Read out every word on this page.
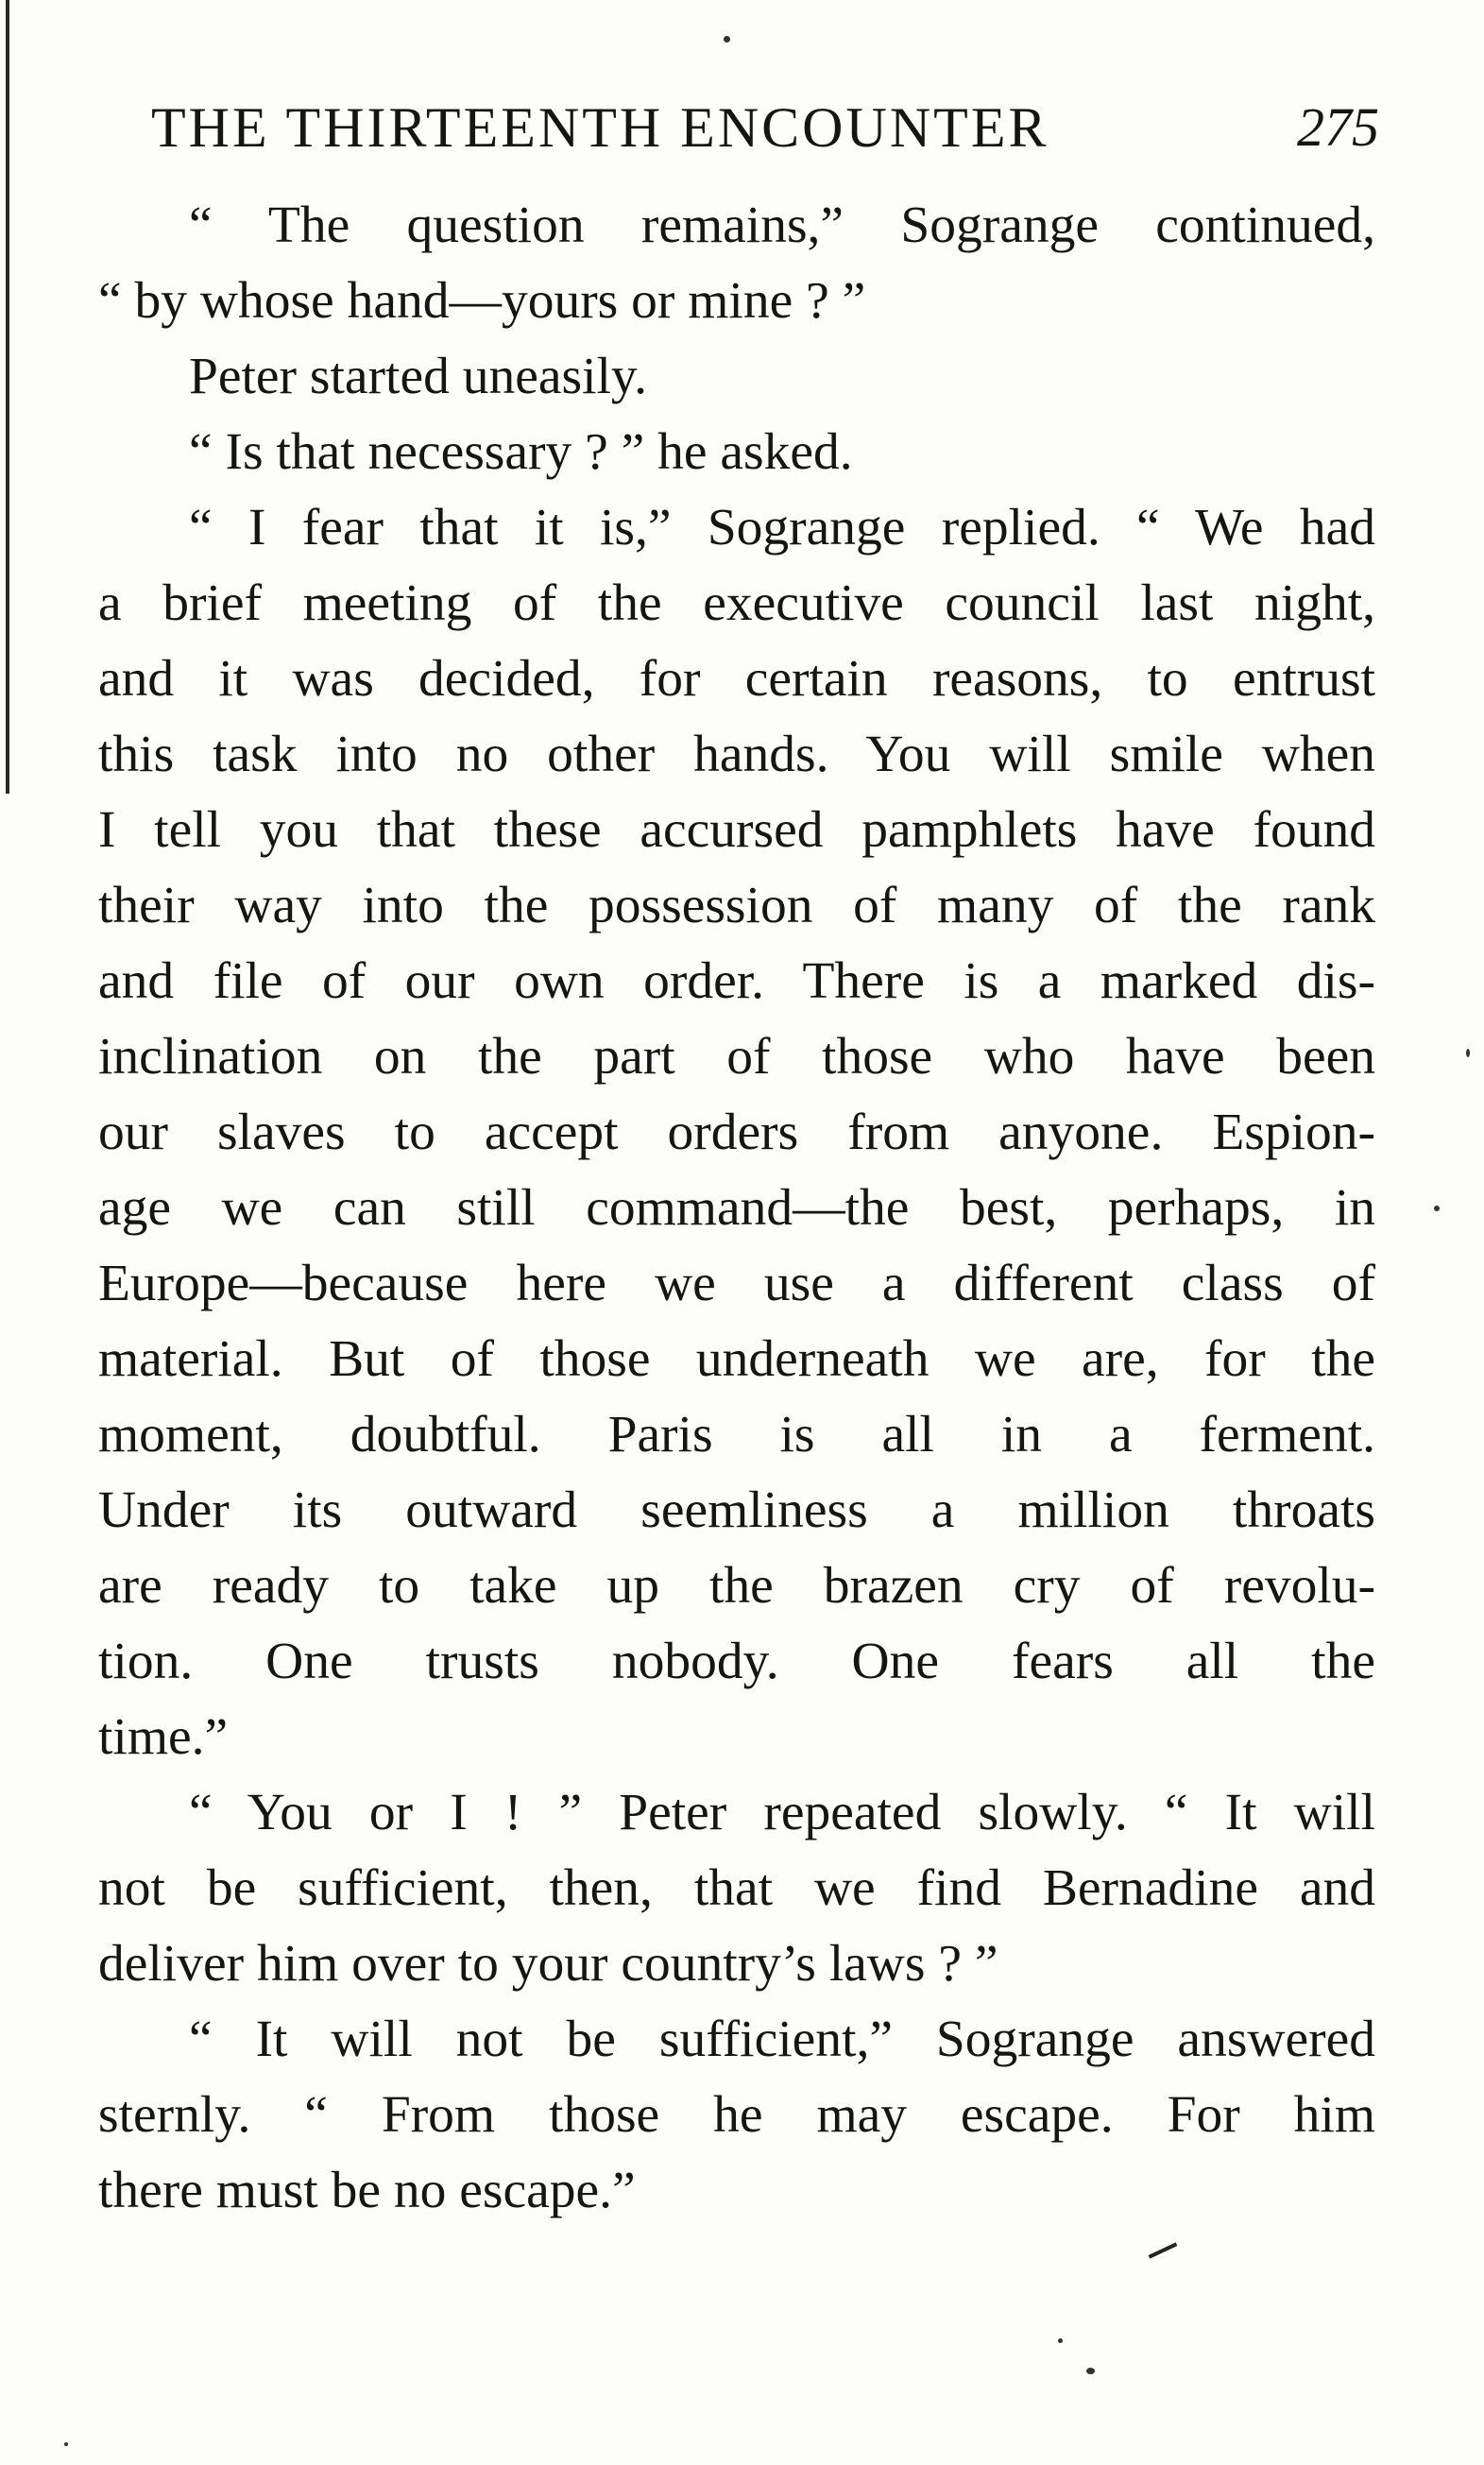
THE THIRTEENTH ENCOUNTER	275
“ The question remains,” Sogrange continued,
“ by whose hand—yours or mine ? ”
Peter started uneasily.
“ Is that necessary ? ” he asked.
“ I fear that it is,” Sogrange replied. “ We had
a brief meeting of the executive council last night,
and it was decided, for certain reasons, to entrust
this task into no other hands. You will smile when
I tell you that these accursed pamphlets have found
their way into the possession of many of the rank
and file of our own order. There is a marked dis-
inclination on the part of those who have been
our slaves to accept orders from anyone. Espion-
age we can still command—the best, perhaps, in
Europe—because here we use a different class of
material. But of those underneath we are, for the
moment, doubtful. Paris is all in a ferment.
Under its outward seemliness a million throats
are ready to take up the brazen cry of revolu-
tion. One trusts nobody. One fears all the
time.”
“ You or I ! ” Peter repeated slowly. “ It will
not be sufficient, then, that we find Bernadine and
deliver him over to your country’s laws ? ”
“ It will not be sufficient,” Sogrange answered
sternly. “ From those he may escape. For him
there must be no escape.”
